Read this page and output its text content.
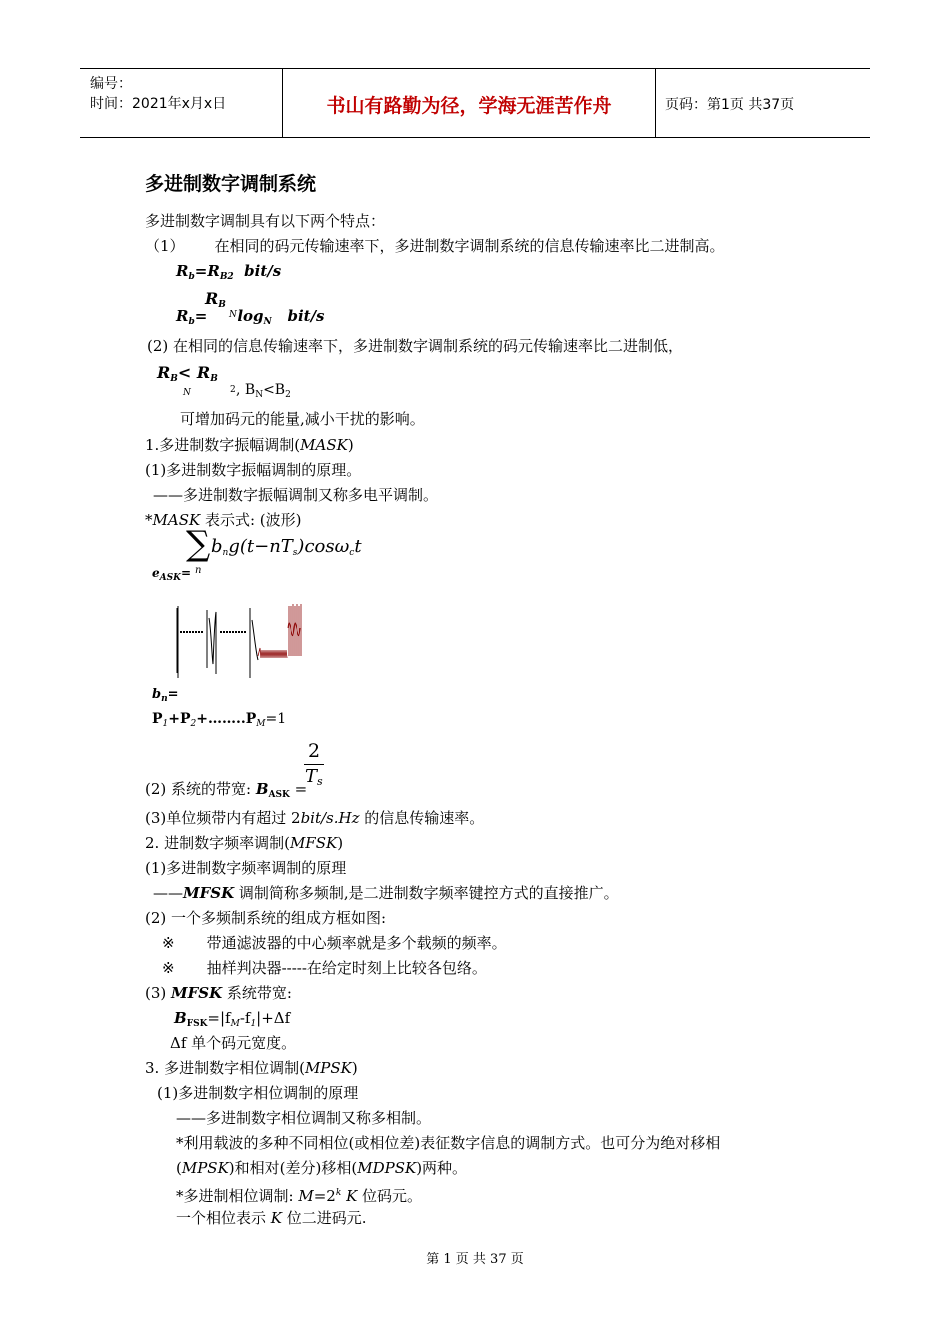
编号：
时间：2021年x月x日	书山有路勤为径，学海无涯苦作舟	页码：第1页 共37页
多进制数字调制系统
多进制数字调制具有以下两个特点：
（1） 在相同的码元传输速率下，多进制数字调制系统的信息传输速率比二进制高。
$R_b=R_{B2}$ bit/s
$R_B$
N
$R_b= \log_N bit/s$
(2) 在相同的信息传输速率下，多进制数字调制系统的码元传输速率比二进制低，
$R_B< R_B$
N	2 , $B_N<B_2$
可增加码元的能量,减小干扰的影响。
1.多进制数字振幅调制(MASK)
(1)多进制数字振幅调制的原理。
——多进制数字振幅调制又称多电平调制。
*MASK 表示式: (波形)
∑
n
$b_ng(t-nT_s)\cos\omega_ct$
$e_{ASK}=$
$b_n=$
$P_1+P_2+\dots\dots..P_M=1$
2
$T_s$
(2) 系统的带宽: $B_{ASK}$ =
(3)单位频带内有超过 2bit/s.Hz 的信息传输速率。
2. 进制数字频率调制(MFSK)
(1)多进制数字频率调制的原理
——MFSK 调制简称多频制,是二进制数字频率键控方式的直接推广。
(2) 一个多频制系统的组成方框如图:
※ 带通滤波器的中心频率就是多个载频的频率。
※ 抽样判决器-----在给定时刻上比较各包络。
(3) MFSK 系统带宽:
$B_{FSK}=|f_M-f_1|+\Delta f$
Δf 单个码元宽度。
3. 多进制数字相位调制(MPSK)
(1)多进制数字相位调制的原理
——多进制数字相位调制又称多相制。
*利用载波的多种不同相位(或相位差)表征数字信息的调制方式。也可分为绝对移相
(MPSK)和相对(差分)移相(MDPSK)两种。
*多进制相位调制: $M=2^k$ K 位码元。
一个相位表示 K 位二进码元.
第 1 页 共 37 页
